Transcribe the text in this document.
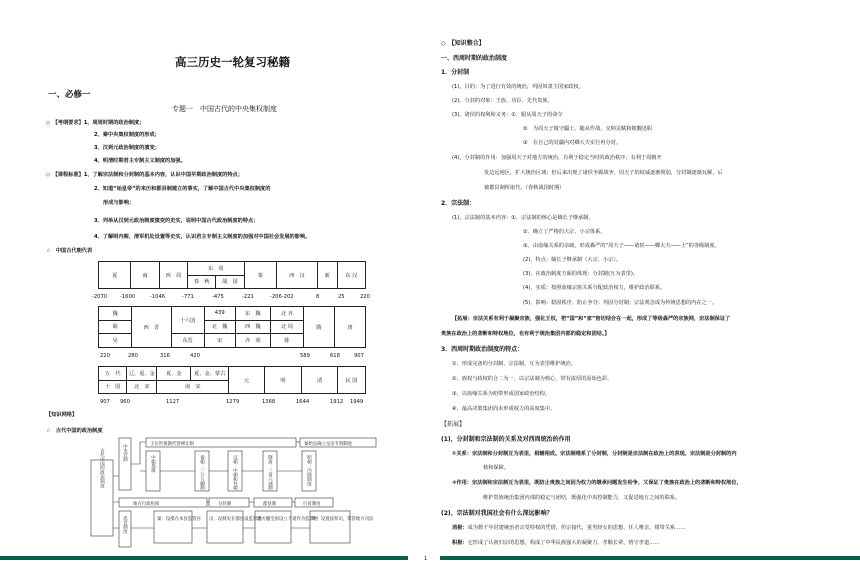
高三历史一轮复习秘籍
一、必修一
专题一　中国古代的中央集权制度
◇　【考纲要求】1、周周时期的政治制度；
2、秦中央集权制度的形成；
3、汉到元政治制度的演变；
4、明清时期君主专制主义制度的加强。
◇　【课程标准】1、了解宗法制和分封制的基本内容，认识中国早期政治制度的特点；
2、知道“始皇帝”的来历和郡县制建立的事实，了解中国古代中央集权制度的
形成与影响；
3、列举从汉到元政治制度演变的史实，说明中国古代政治制度的特点；
4、了解明内阁、清军机处设置等史实，认识君主专制主义制度的加强对中国社会发展的影响。
☆　中国古代朝代表
夏	商	西　周	东　周		秦	西　汉	新	东 汉
			春　秋	战　国				
-2070 -1600	-1046	-771	-475	-221	-206-202	8	25	220
魏	西　晋	十六国	439	东　魏	北 齐	隋	唐
蜀			北　魏	西　魏	北 周		
吴		东晋	宋	齐　 梁	陈		
220	280	316	420	589	618	907
五　代	辽、夏、金	夏、金	夏、金、蒙古	元	明	清	民 国
十　国	北　宋	南　宋					
907 960	1127	1279	1368	1644	1912 1949
【知识网络】
☆　古代中国的政治制度
古代中国的政治制度	中央官制	王位世袭制代替禅让制	秦始皇确立皇帝专制制度
中朝逐渐	秦朝：三公九卿制	汉朝：中朝和外朝	隋唐：三省六部制	明朝：内阁制度
地方行政机构	分封制	郡县制	行省制度
选官制度	秦：设郡在本县监管宫 汉：设刺史在郡县设监管地方官
唐：在全国设立十道作为监察区
明：设置按察司，掌管地方司法
◇　【知识整合】
一、西周时期的政治制度
1．分封制
(1)。目的：为了进行有效的统治，巩固奴隶主国家政权。
(2)。分封的对象：王族、功臣、先代贵族。
(3)。诸侯的权利和义务：①　服从周天子的命令
②　为周天子镇守疆土、随从作战、交纳贡赋和朝觐述职
③　在自己的封疆内对卿大夫实行再分封。
(4)。分封制的作用：加强周天子对地方的统治，有利于稳定当时的政治秩序；有利于周朝开
发边远地区，扩大统治区域；但后来出现了诸侯争霸战争，周天子的权威逐渐削弱，分封制逐渐瓦解，后
被郡县制所取代。（春秋战国时期）
2．宗法制：
(1)。宗法制的基本内容：①、宗法制的核心是嫡长子继承制。
②、确立了严格的大宗、小宗体系。
③、由血缘关系的亲疏，形成森严的“周天子——诸侯——卿大夫——士”的等级制度。
(2)、特点：嫡长子继承制（大宗、小宗）。
(3)、在政治制度方面的体现：分封制(互为表里)。
(4)、实质：按照血缘宗族关系分配政治权力，维护政治联系。
(5)、影响：稳固秩序，防止争夺；巩固分封制；宗法观念成为传统思想的内在之一。
【拓展：宗法关系有利于凝聚宗族，强化王权，把“国”和“家”密切结合在一起，形成了等级森严的宗族网，宗法制保证了
贵族在政治上的垄断和特权地位，也有利于统治集团内部的稳定和团结。】
3．西周时期政治制度的特点：
①、形成完备的分封制、宗法制，互为表里维护统治。
②、族权与政权的合二为一，以宗法制为核心，带有浓厚的原始色彩。
③、以血缘关系为纽带形成国家政治结构。
④、最高决策集团尚未形成权力的高度集中。
【拓展】
(1)，分封制和宗法制的关系及对西周统治的作用
①关系：宗法制和分封制互为表里，相辅相成。宗法制维系了分封制，分封制是宗法制在政治上的表现。宗法制是分封制的内
核和保障。
②作用：宗法制和宗法制互为表里，既防止贵族之间因为权力的继承问题发生纷争，又保证了贵族在政治上的垄断和特权地位，
维护贵族统治集团内部的稳定与团结，既强化中央控制能力，又促进地方之间的联系。
(2)、宗法制对我国社会有什么深远影响？
消极：成为数千年封建统治者宗受特权的凭借，传宗接代，重男轻女的思想，任人唯亲，裙带关系……
积极：它形成了认祖归宗的思想，构成了中华民族强大的凝聚力，孝顺长辈，恪守孝道……
1
